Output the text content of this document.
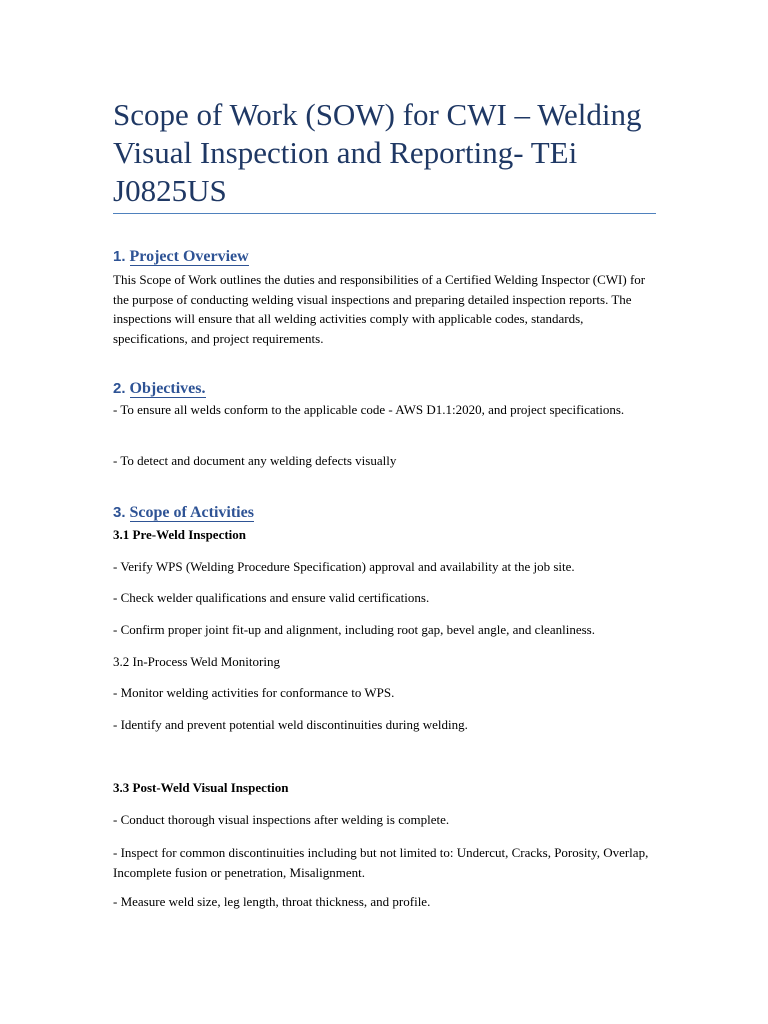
Scope of Work (SOW) for CWI – Welding Visual Inspection and Reporting- TEi J0825US
1. Project Overview

This Scope of Work outlines the duties and responsibilities of a Certified Welding Inspector (CWI) for the purpose of conducting welding visual inspections and preparing detailed inspection reports. The inspections will ensure that all welding activities comply with applicable codes, standards, specifications, and project requirements.

2. Objectives.

- To ensure all welds conform to the applicable code - AWS D1.1:2020, and project specifications.

- To detect and document any welding defects visually

3. Scope of Activities

3.1 Pre-Weld Inspection

- Verify WPS (Welding Procedure Specification) approval and availability at the job site.

- Check welder qualifications and ensure valid certifications.

- Confirm proper joint fit-up and alignment, including root gap, bevel angle, and cleanliness.

3.2 In-Process Weld Monitoring

- Monitor welding activities for conformance to WPS.

- Identify and prevent potential weld discontinuities during welding.

3.3 Post-Weld Visual Inspection

- Conduct thorough visual inspections after welding is complete.

- Inspect for common discontinuities including but not limited to: Undercut, Cracks, Porosity, Overlap, Incomplete fusion or penetration, Misalignment.

- Measure weld size, leg length, throat thickness, and profile.
